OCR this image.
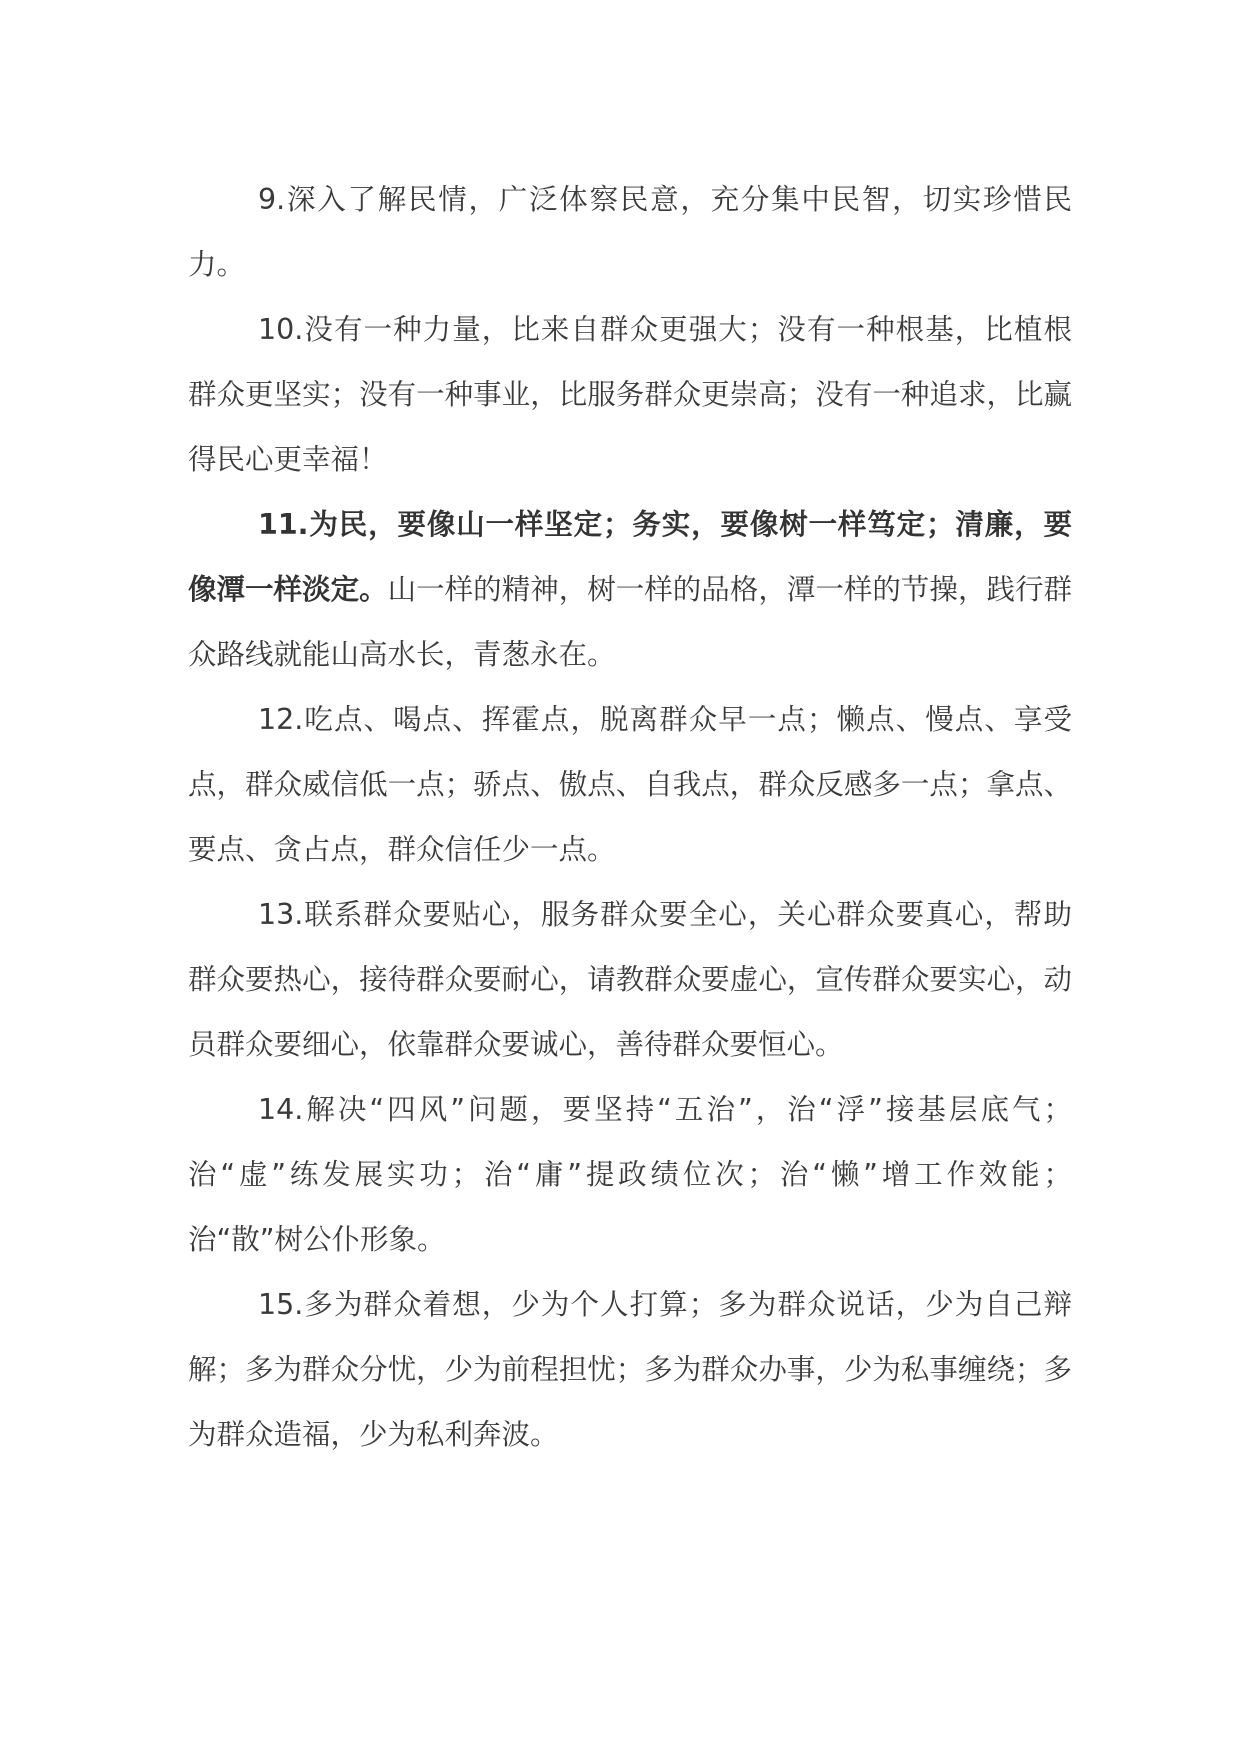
9.深入了解民情，广泛体察民意，充分集中民智，切实珍惜民力。

10.没有一种力量，比来自群众更强大；没有一种根基，比植根群众更坚实；没有一种事业，比服务群众更崇高；没有一种追求，比赢得民心更幸福！

11.为民，要像山一样坚定；务实，要像树一样笃定；清廉，要像潭一样淡定。山一样的精神，树一样的品格，潭一样的节操，践行群众路线就能山高水长，青葱永在。

12.吃点、喝点、挥霍点，脱离群众早一点；懒点、慢点、享受点，群众威信低一点；骄点、傲点、自我点，群众反感多一点；拿点、要点、贪占点，群众信任少一点。

13.联系群众要贴心，服务群众要全心，关心群众要真心，帮助群众要热心，接待群众要耐心，请教群众要虚心，宣传群众要实心，动员群众要细心，依靠群众要诚心，善待群众要恒心。

14.解决“四风”问题，要坚持“五治”，治“浮”接基层底气；治“虚”练发展实功；治“庸”提政绩位次；治“懒”增工作效能；治“散”树公仆形象。

15.多为群众着想，少为个人打算；多为群众说话，少为自己辩解；多为群众分忧，少为前程担忧；多为群众办事，少为私事缠绕；多为群众造福，少为私利奔波。
